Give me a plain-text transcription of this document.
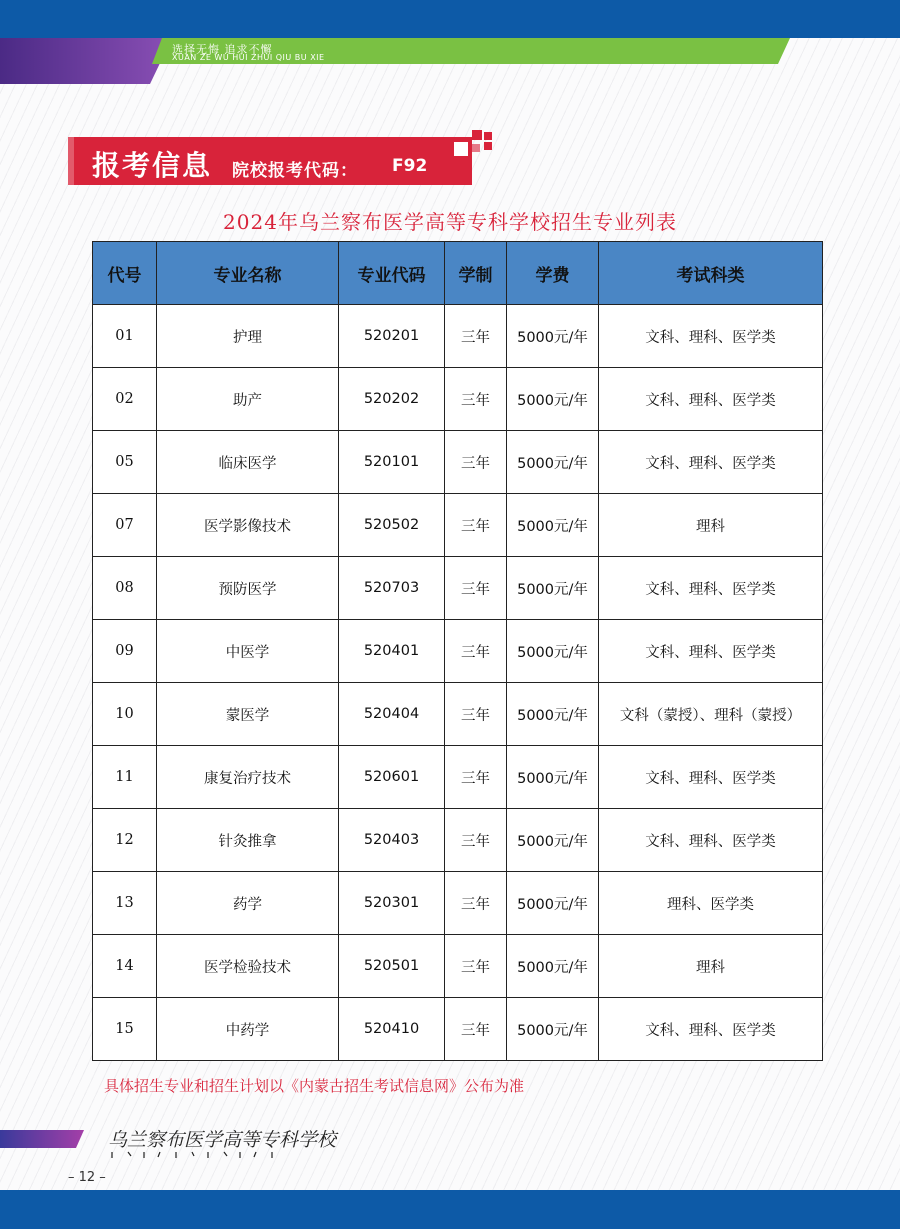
选择无悔 追求不懈
XUAN ZE WU HUI ZHUI QIU BU XIE
报考信息 院校报考代码： F92
2024年乌兰察布医学高等专科学校招生专业列表
代号	专业名称	专业代码	学制	学费	考试科类
01	护理	520201	三年	5000元/年	文科、理科、医学类
02	助产	520202	三年	5000元/年	文科、理科、医学类
05	临床医学	520101	三年	5000元/年	文科、理科、医学类
07	医学影像技术	520502	三年	5000元/年	理科
08	预防医学	520703	三年	5000元/年	文科、理科、医学类
09	中医学	520401	三年	5000元/年	文科、理科、医学类
10	蒙医学	520404	三年	5000元/年	文科（蒙授）、理科（蒙授）
11	康复治疗技术	520601	三年	5000元/年	文科、理科、医学类
12	针灸推拿	520403	三年	5000元/年	文科、理科、医学类
13	药学	520301	三年	5000元/年	理科、医学类
14	医学检验技术	520501	三年	5000元/年	理科
15	中药学	520410	三年	5000元/年	文科、理科、医学类
具体招生专业和招生计划以《内蒙古招生考试信息网》公布为准
乌兰察布医学高等专科学校
– 12 –
